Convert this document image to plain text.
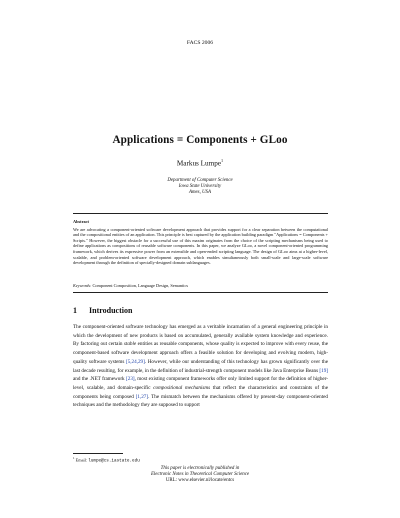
FACS 2006
Applications = Components + GLoo
Markus Lumpe$^1$
Department of Computer Science
Iowa State University
Ames, USA
Abstract
We are advocating a component-oriented software development approach that provides support for a clear separation between the computational and the compositional entities of an application. This principle is best captured by the application building paradigm "Applications = Components + Scripts." However, the biggest obstacle for a successful use of this maxim originates from the choice of the scripting mechanisms being used to define applications as compositions of reusable software components. In this paper, we analyze GLoo, a novel component-oriented programming framework, which derives its expressive power from an extensible and open-ended scripting language. The design of GLoo aims at a higher-level, scalable, and problem-oriented software development approach, which enables simultaneously both small-scale and large-scale software development through the definition of specially-designed domain sublanguages.
Keywords: Component Composition, Language Design, Semantics
1 Introduction

The component-oriented software technology has emerged as a veritable incarnation of a general engineering principle in which the development of new products is based on accumulated, generally available system knowledge and experience. By factoring out certain stable entities as reusable components, whose quality is expected to improve with every reuse, the component-based software development approach offers a feasible solution for developing and evolving modern, high-quality software systems [5,24,29]. However, while our understanding of this technology has grown significantly over the last decade resulting, for example, in the definition of industrial-strength component models like Java Enterprise Beans [19] and the .NET framework [23], most existing component frameworks offer only limited support for the definition of higher-level, scalable, and domain-specific compositional mechanisms that reflect the characteristics and constraints of the components being composed [1,27]. The mismatch between the mechanisms offered by present-day component-oriented techniques and the methodology they are supposed to support

$^1$ Email: lumpe@cs.iastate.edu
This paper is electronically published in
Electronic Notes in Theoretical Computer Science
URL: www.elsevier.nl/locate/entcs
